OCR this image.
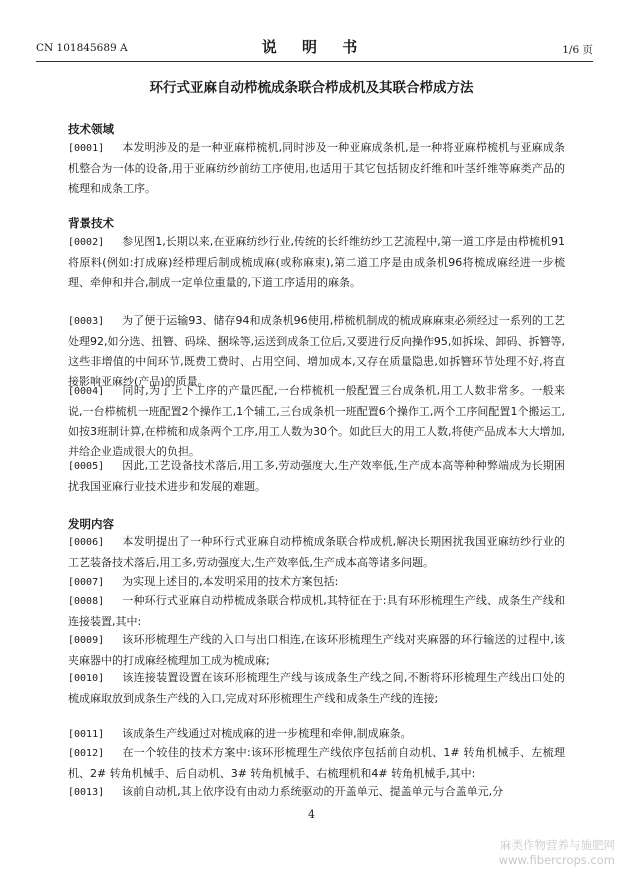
CN 101845689 A	说 明 书	1/6 页
环行式亚麻自动栉梳成条联合栉成机及其联合栉成方法
技术领域
[0001] 本发明涉及的是一种亚麻栉梳机,同时涉及一种亚麻成条机,是一种将亚麻栉梳机与亚麻成条机整合为一体的设备,用于亚麻纺纱前纺工序使用,也适用于其它包括韧皮纤维和叶茎纤维等麻类产品的梳理和成条工序。
背景技术
[0002] 参见图1,长期以来,在亚麻纺纱行业,传统的长纤维纺纱工艺流程中,第一道工序是由栉梳机91将原料(例如:打成麻)经栉理后制成梳成麻(或称麻束),第二道工序是由成条机96将梳成麻经进一步梳理、牵伸和并合,制成一定单位重量的,下道工序适用的麻条。
[0003] 为了便于运输93、储存94和成条机96使用,栉梳机制成的梳成麻麻束必须经过一系列的工艺处理92,如分选、扭簪、码垛、捆垛等,运送到成条工位后,又要进行反向操作95,如拆垛、卸码、拆簪等,这些非增值的中间环节,既费工费时、占用空间、增加成本,又存在质量隐患,如拆簪环节处理不好,将直接影响亚麻纱(产品)的质量。
[0004] 同时,为了上下工序的产量匹配,一台栉梳机一般配置三台成条机,用工人数非常多。一般来说,一台栉梳机一班配置2个操作工,1个辅工,三台成条机一班配置6个操作工,两个工序间配置1个搬运工,如按3班制计算,在栉梳和成条两个工序,用工人数为30个。如此巨大的用工人数,将使产品成本大大增加,并给企业造成很大的负担。
[0005] 因此,工艺设备技术落后,用工多,劳动强度大,生产效率低,生产成本高等种种弊端成为长期困扰我国亚麻行业技术进步和发展的难题。
发明内容
[0006] 本发明提出了一种环行式亚麻自动栉梳成条联合栉成机,解决长期困扰我国亚麻纺纱行业的工艺装备技术落后,用工多,劳动强度大,生产效率低,生产成本高等诸多问题。
[0007] 为实现上述目的,本发明采用的技术方案包括:
[0008] 一种环行式亚麻自动栉梳成条联合栉成机,其特征在于:具有环形梳理生产线、成条生产线和连接装置,其中:
[0009] 该环形梳理生产线的入口与出口相连,在该环形梳理生产线对夹麻器的环行输送的过程中,该夹麻器中的打成麻经梳理加工成为梳成麻;
[0010] 该连接装置设置在该环形梳理生产线与该成条生产线之间,不断将环形梳理生产线出口处的梳成麻取放到成条生产线的入口,完成对环形梳理生产线和成条生产线的连接;
[0011] 该成条生产线通过对梳成麻的进一步梳理和牵伸,制成麻条。
[0012] 在一个较佳的技术方案中:该环形梳理生产线依序包括前自动机、1# 转角机械手、左梳理机、2# 转角机械手、后自动机、3# 转角机械手、右梳理机和4# 转角机械手,其中:
[0013] 该前自动机,其上依序设有由动力系统驱动的开盖单元、提盖单元与合盖单元,分
4
麻类作物营养与施肥网
www.fibercrops.com
